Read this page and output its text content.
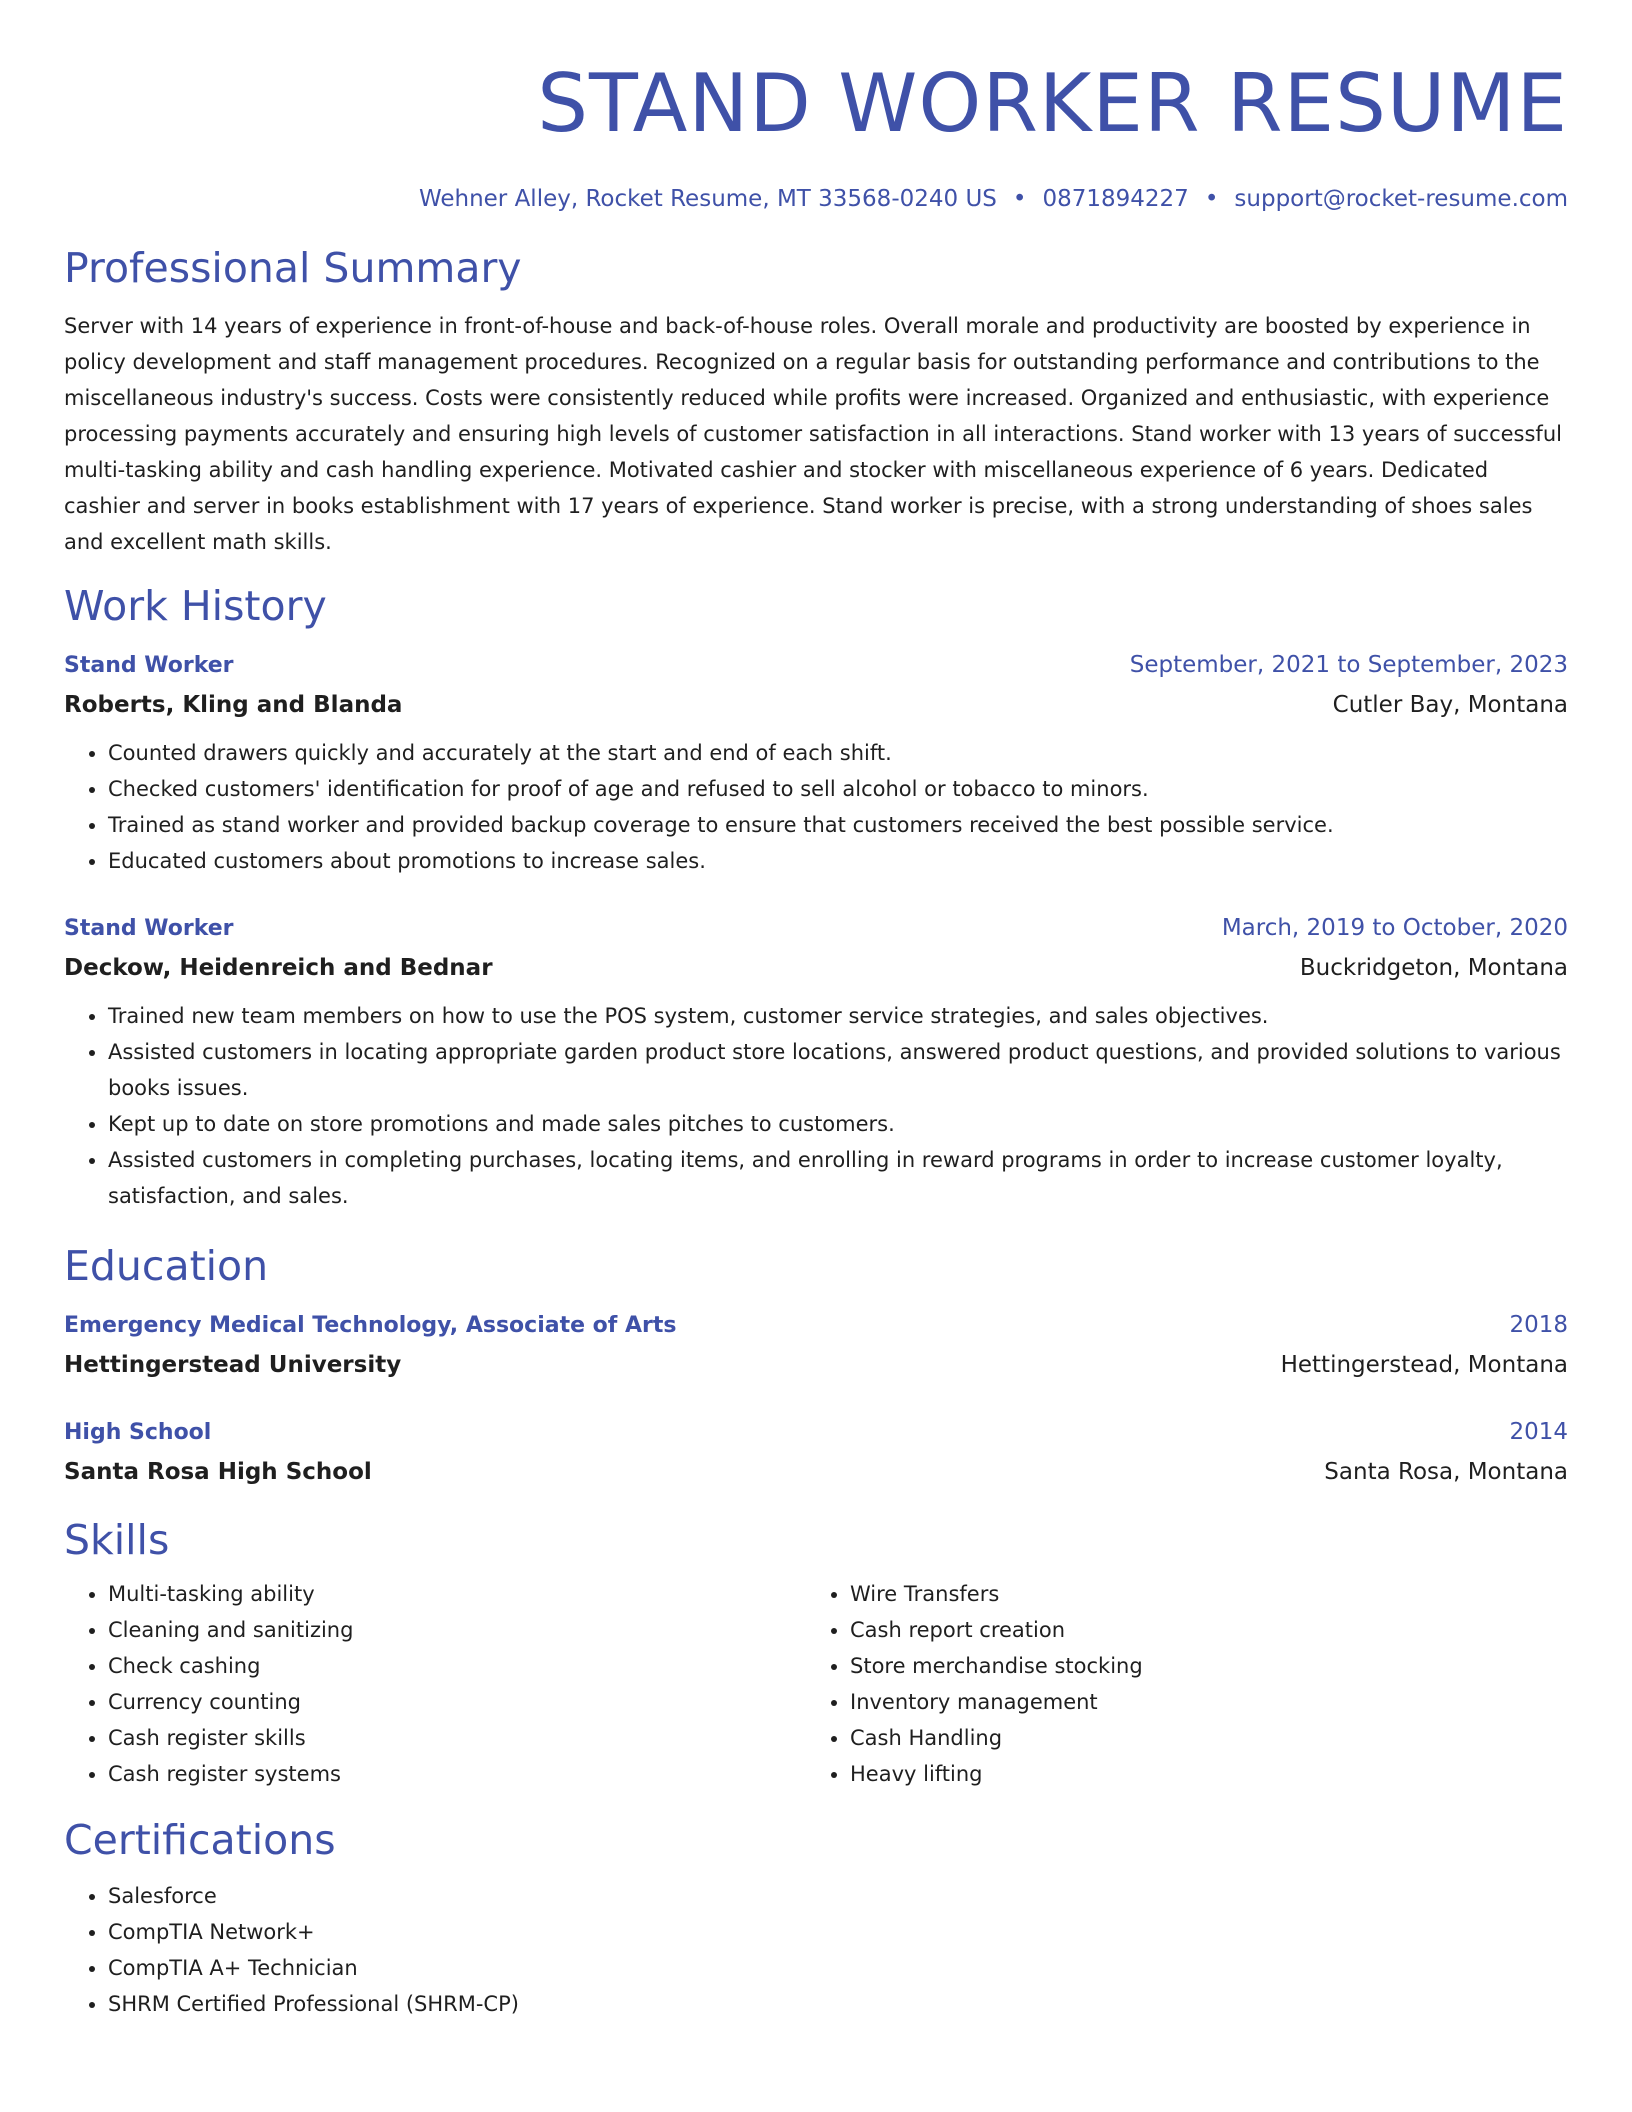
STAND WORKER RESUME
Wehner Alley, Rocket Resume, MT 33568-0240 US • 0871894227 • support@rocket-resume.com
Professional Summary
Server with 14 years of experience in front-of-house and back-of-house roles. Overall morale and productivity are boosted by experience in policy development and staff management procedures. Recognized on a regular basis for outstanding performance and contributions to the miscellaneous industry's success. Costs were consistently reduced while profits were increased. Organized and enthusiastic, with experience processing payments accurately and ensuring high levels of customer satisfaction in all interactions. Stand worker with 13 years of successful multi-tasking ability and cash handling experience. Motivated cashier and stocker with miscellaneous experience of 6 years. Dedicated cashier and server in books establishment with 17 years of experience. Stand worker is precise, with a strong understanding of shoes sales and excellent math skills.
Work History
Stand Worker	September, 2021 to September, 2023
Roberts, Kling and Blanda	Cutler Bay, Montana
• Counted drawers quickly and accurately at the start and end of each shift.
• Checked customers' identification for proof of age and refused to sell alcohol or tobacco to minors.
• Trained as stand worker and provided backup coverage to ensure that customers received the best possible service.
• Educated customers about promotions to increase sales.
Stand Worker	March, 2019 to October, 2020
Deckow, Heidenreich and Bednar	Buckridgeton, Montana
• Trained new team members on how to use the POS system, customer service strategies, and sales objectives.
• Assisted customers in locating appropriate garden product store locations, answered product questions, and provided solutions to various books issues.
• Kept up to date on store promotions and made sales pitches to customers.
• Assisted customers in completing purchases, locating items, and enrolling in reward programs in order to increase customer loyalty, satisfaction, and sales.
Education
Emergency Medical Technology, Associate of Arts	2018
Hettingerstead University	Hettingerstead, Montana
High School	2014
Santa Rosa High School	Santa Rosa, Montana
Skills
• Multi-tasking ability
• Cleaning and sanitizing
• Check cashing
• Currency counting
• Cash register skills
• Cash register systems
• Wire Transfers
• Cash report creation
• Store merchandise stocking
• Inventory management
• Cash Handling
• Heavy lifting
Certifications
• Salesforce
• CompTIA Network+
• CompTIA A+ Technician
• SHRM Certified Professional (SHRM-CP)
